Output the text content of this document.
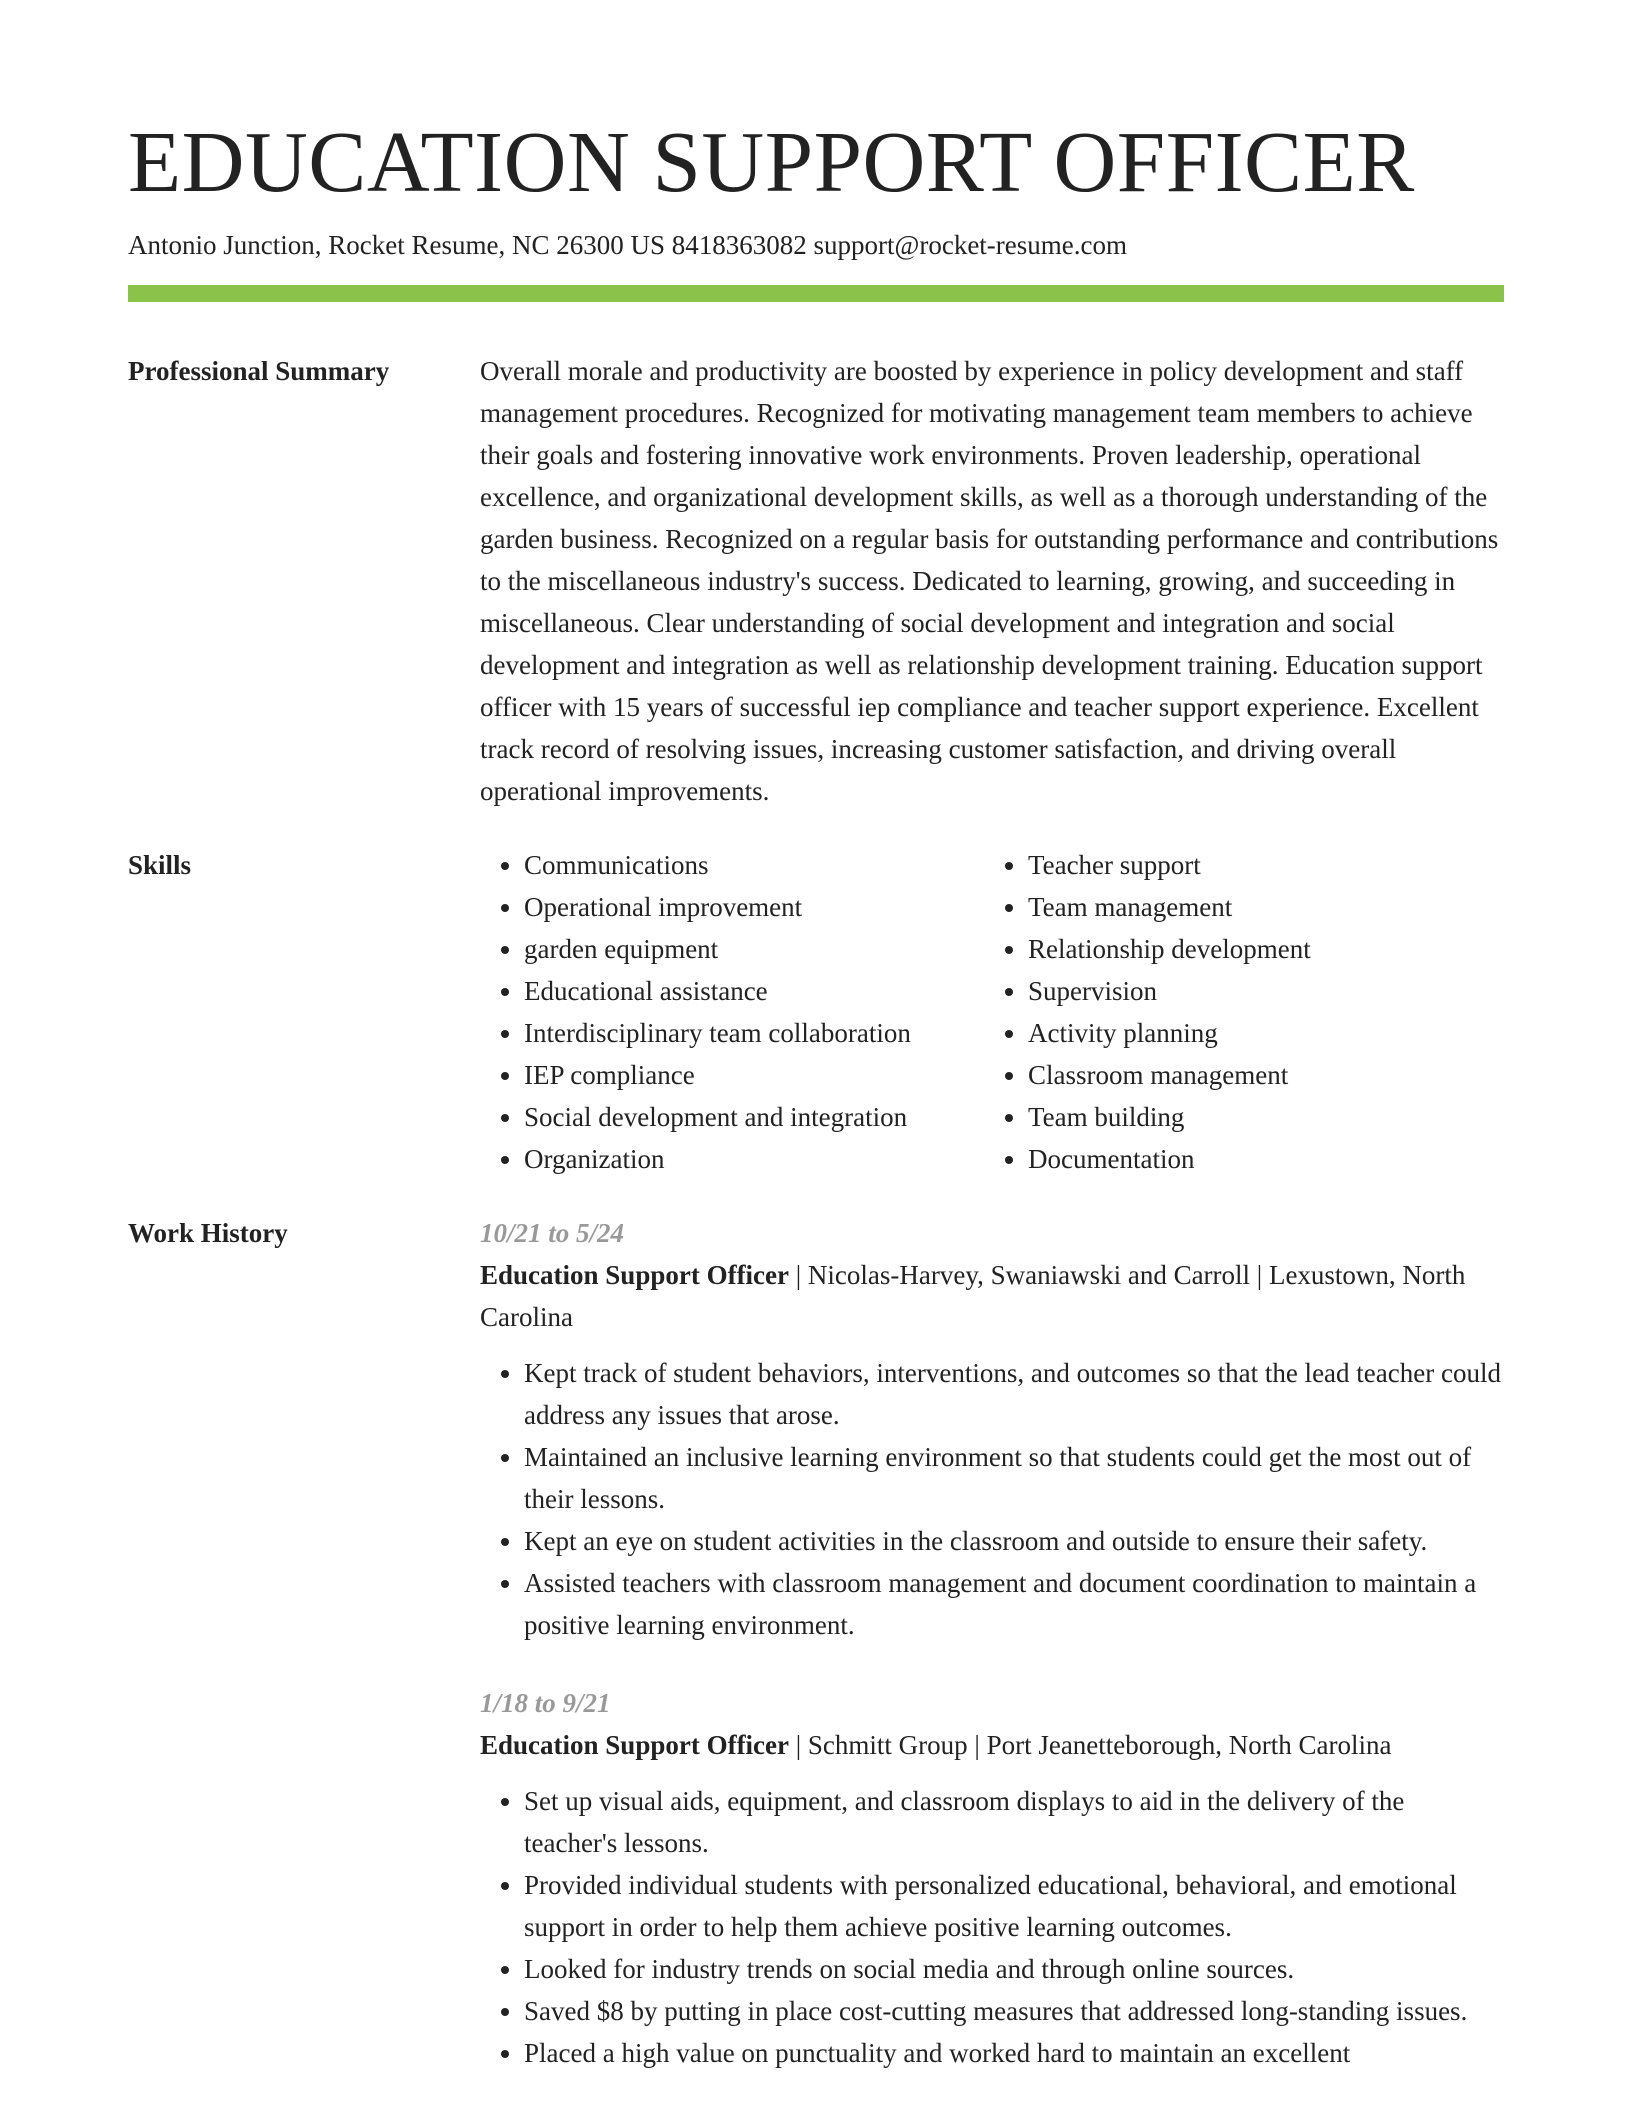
EDUCATION SUPPORT OFFICER
Antonio Junction, Rocket Resume, NC 26300 US 8418363082 support@rocket-resume.com
Professional Summary	Overall morale and productivity are boosted by experience in policy development and staff management procedures. Recognized for motivating management team members to achieve their goals and fostering innovative work environments. Proven leadership, operational excellence, and organizational development skills, as well as a thorough understanding of the garden business. Recognized on a regular basis for outstanding performance and contributions to the miscellaneous industry's success. Dedicated to learning, growing, and succeeding in miscellaneous. Clear understanding of social development and integration and social development and integration as well as relationship development training. Education support officer with 15 years of successful iep compliance and teacher support experience. Excellent track record of resolving issues, increasing customer satisfaction, and driving overall operational improvements.
Skills
•	Communications
• Operational improvement
• garden equipment
• Educational assistance
• Interdisciplinary team collaboration
• IEP compliance
• Social development and integration
• Organization
• Teacher support
• Team management
• Relationship development
• Supervision
• Activity planning
• Classroom management
• Team building
• Documentation
Work History	10/21 to 5/24
Education Support Officer | Nicolas-Harvey, Swaniawski and Carroll | Lexustown, North Carolina
• Kept track of student behaviors, interventions, and outcomes so that the lead teacher could address any issues that arose.
• Maintained an inclusive learning environment so that students could get the most out of their lessons.
• Kept an eye on student activities in the classroom and outside to ensure their safety.
• Assisted teachers with classroom management and document coordination to maintain a positive learning environment.
1/18 to 9/21
Education Support Officer | Schmitt Group | Port Jeanetteborough, North Carolina
• Set up visual aids, equipment, and classroom displays to aid in the delivery of the teacher's lessons.
• Provided individual students with personalized educational, behavioral, and emotional support in order to help them achieve positive learning outcomes.
• Looked for industry trends on social media and through online sources.
• Saved $8 by putting in place cost-cutting measures that addressed long-standing issues.
• Placed a high value on punctuality and worked hard to maintain an excellent
